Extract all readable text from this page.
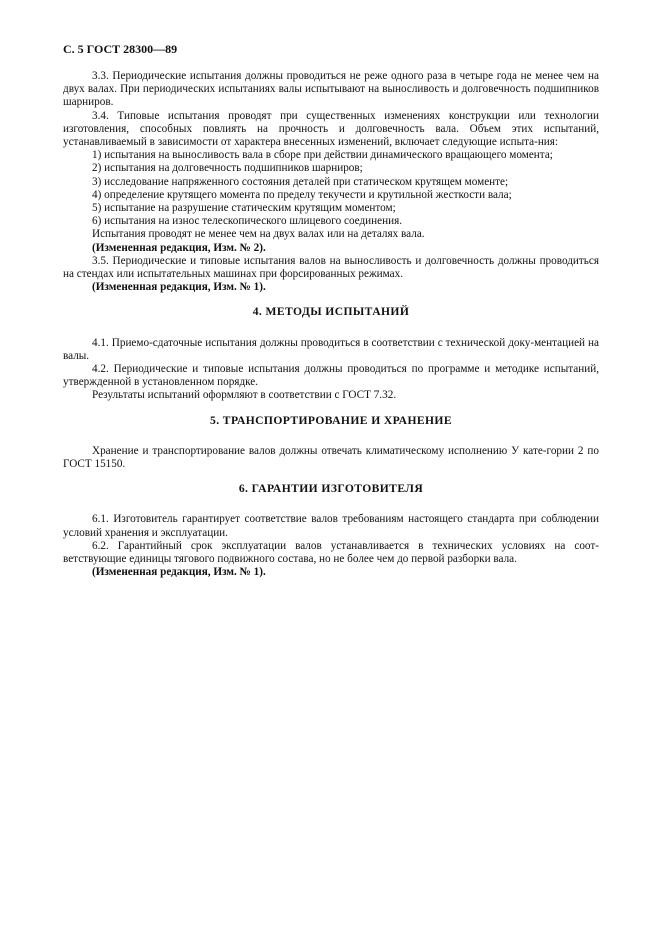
С. 5 ГОСТ 28300—89

3.3. Периодические испытания должны проводиться не реже одного раза в четыре года не менее чем на двух валах. При периодических испытаниях валы испытывают на выносливость и долговечность подшипников шарниров.

3.4. Типовые испытания проводят при существенных изменениях конструкции или технологии изготовления, способных повлиять на прочность и долговечность вала. Объем этих испытаний, устанавливаемый в зависимости от характера внесенных изменений, включает следующие испыта-ния:

1) испытания на выносливость вала в сборе при действии динамического вращающего момента;
2) испытания на долговечность подшипников шарниров;
3) исследование напряженного состояния деталей при статическом крутящем моменте;
4) определение крутящего момента по пределу текучести и крутильной жесткости вала;
5) испытание на разрушение статическим крутящим моментом;
6) испытания на износ телескопического шлицевого соединения.
Испытания проводят не менее чем на двух валах или на деталях вала.
(Измененная редакция, Изм. № 2).

3.5. Периодические и типовые испытания валов на выносливость и долговечность должны проводиться на стендах или испытательных машинах при форсированных режимах.

(Измененная редакция, Изм. № 1).

4. МЕТОДЫ ИСПЫТАНИЙ

4.1. Приемо-сдаточные испытания должны проводиться в соответствии с технической доку-ментацией на валы.

4.2. Периодические и типовые испытания должны проводиться по программе и методике испытаний, утвержденной в установленном порядке.

Результаты испытаний оформляют в соответствии с ГОСТ 7.32.

5. ТРАНСПОРТИРОВАНИЕ И ХРАНЕНИЕ

Хранение и транспортирование валов должны отвечать климатическому исполнению У кате-гории 2 по ГОСТ 15150.

6. ГАРАНТИИ ИЗГОТОВИТЕЛЯ

6.1. Изготовитель гарантирует соответствие валов требованиям настоящего стандарта при соблюдении условий хранения и эксплуатации.

6.2. Гарантийный срок эксплуатации валов устанавливается в технических условиях на соот-ветствующие единицы тягового подвижного состава, но не более чем до первой разборки вала.

(Измененная редакция, Изм. № 1).
